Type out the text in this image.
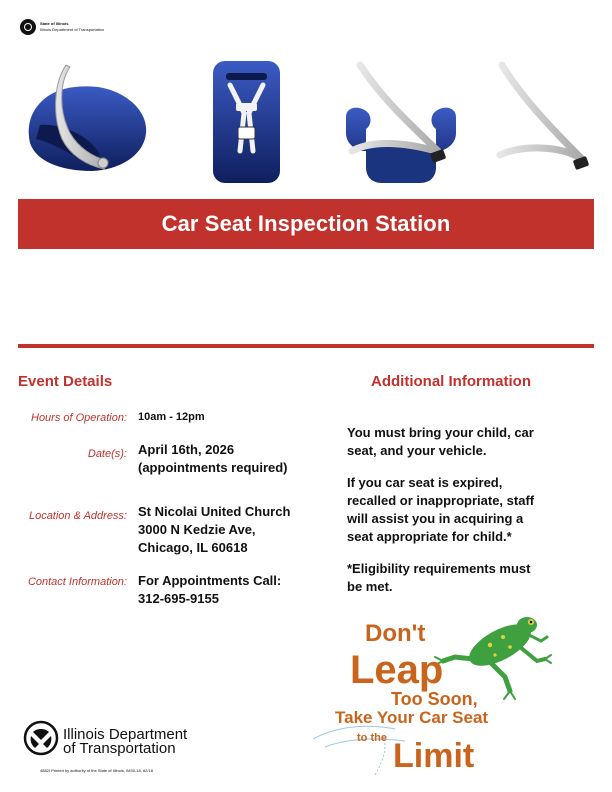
State of Illinois
Illinois Department of Transportation
Car Seat Inspection Station
Event Details
Hours of Operation: 10am - 12pm
Date(s): April 16th, 2026
(appointments required)
Location & Address: St Nicolai United Church
3000 N Kedzie Ave,
Chicago, IL 60618
Contact Information: For Appointments Call:
312-695-9155
Additional Information
You must bring your child, car
seat, and your vehicle.
If you car seat is expired,
recalled or inappropriate, staff
will assist you in acquiring a
seat appropriate for child.*
*Eligibility requirements must
be met.
Don't
Leap
Too Soon,
Take Your Car Seat
to the Limit
Illinois Department
of Transportation
4882I Printed by authority of the State of Illinois, IM30-18, 62/18
